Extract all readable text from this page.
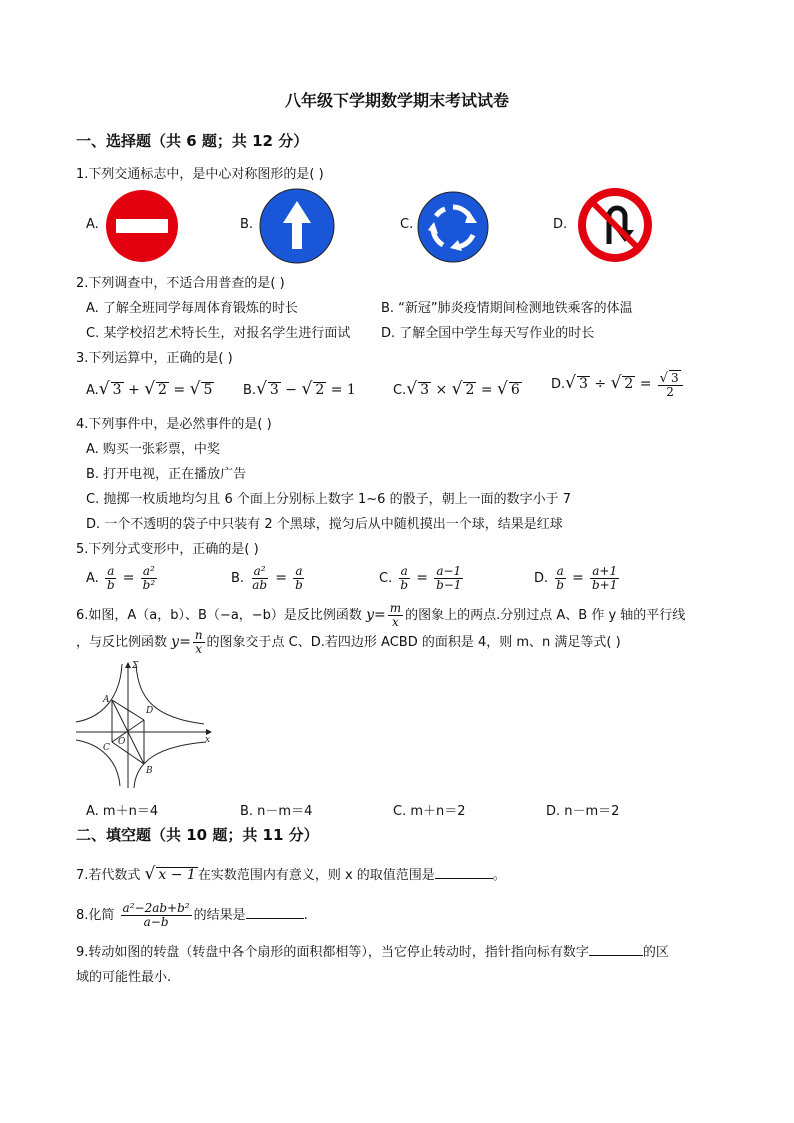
八年级下学期数学期末考试试卷
一、选择题（共 6 题；共 12 分）
1.下列交通标志中，是中心对称图形的是( )
A.	B.	C.	D.
2.下列调查中，不适合用普查的是( )
A. 了解全班同学每周体育锻炼的时长	B. “新冠”肺炎疫情期间检测地铁乘客的体温
C. 某学校招艺术特长生，对报名学生进行面试 D. 了解全国中学生每天写作业的时长
3.下列运算中，正确的是( )
A.√ 3 + √ 2 = √ 5 B.√ 3 − √ 2 = 1	C.√ 3 × √ 2 = √ 6 D.√ 3 ÷ √ $2 = \frac{√ 3}{2}$
4.下列事件中，是必然事件的是( )
A. 购买一张彩票，中奖
B. 打开电视，正在播放广告
C. 抛掷一枚质地均匀且 6 个面上分别标上数字 1~6 的骰子，朝上一面的数字小于 7
D. 一个不透明的袋子中只装有 2 个黑球，搅匀后从中随机摸出一个球，结果是红球
5.下列分式变形中，正确的是( )
A. $\frac{a}{b} = \frac{\text{a²}}{\text{b²}}$	B. $\frac{\text{a²}}{ab} = \frac{a}{b}$	C. $\frac{a}{b} = \frac{a-1}{b-1}$	D. $\frac{a}{b} = \frac{a+1}{b+1}$
6.如图，A（a，b）、B（−a，−b）是反比例函数 $y= \frac{m}{x}$ 的图象上的两点.分别过点 A、B 作 y 轴的平行线
，与反比例函数 $y= \frac{n}{x}$ 的图象交于点 C、D.若四边形 ACBD 的面积是 4，则 m、n 满足等式( )
A
B
C
D
O	x
Σ
A. m＋n＝4	B. n－m＝4	C. m＋n＝2	D. n－m＝2
二、填空题（共 10 题；共 11 分）
7.若代数式 √ x − 1 在实数范围内有意义，则 x 的取值范围是	。
8.化简 $\frac{\text{a²−2ab+b²}}{a-b}$ 的结果是	.
9.转动如图的转盘（转盘中各个扇形的面积都相等），当它停止转动时，指针指向标有数字	的区
域的可能性最小.
